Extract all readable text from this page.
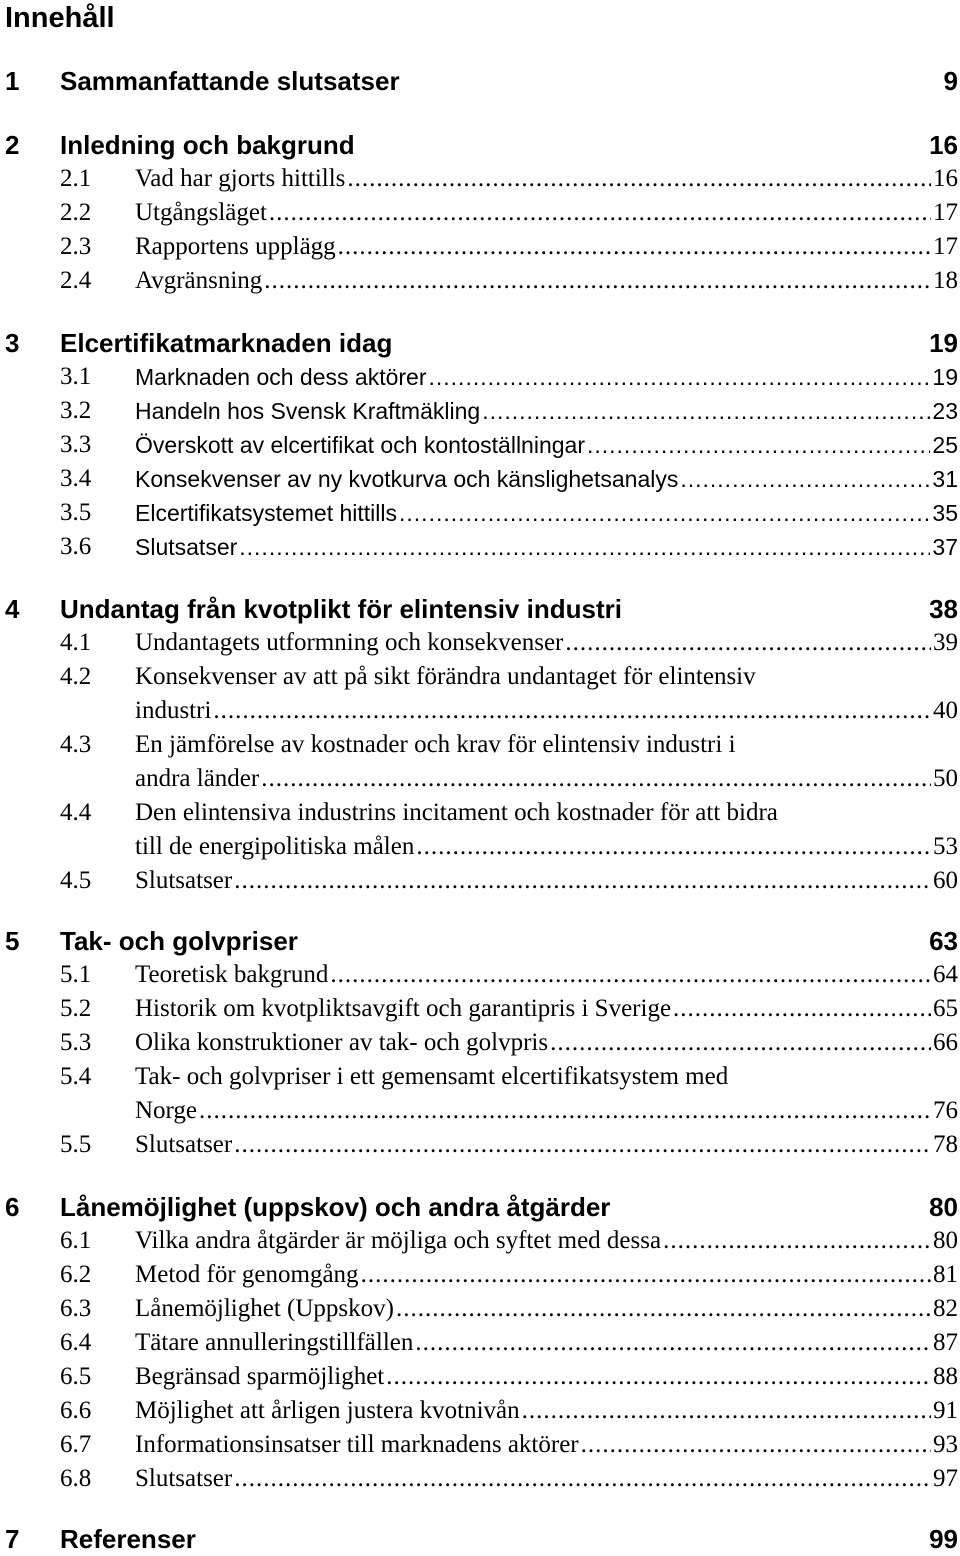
Innehåll
1 Sammanfattande slutsatser	9
2 Inledning och bakgrund	16
2.1 Vad har gjorts hittills .....	16
2.2 Utgångsläget .....	17
2.3 Rapportens upplägg .....	17
2.4 Avgränsning .....	18
3 Elcertifikatmarknaden idag	19
3.1 Marknaden och dess aktörer .....	19
3.2 Handeln hos Svensk Kraftmäkling .....	23
3.3 Överskott av elcertifikat och kontoställningar .....	25
3.4 Konsekvenser av ny kvotkurva och känslighetsanalys .....	31
3.5 Elcertifikatsystemet hittills .....	35
3.6 Slutsatser .....	37
4 Undantag från kvotplikt för elintensiv industri	38
4.1 Undantagets utformning och konsekvenser .....	39
4.2 Konsekvenser av att på sikt förändra undantaget för elintensiv
industri .....	40
4.3 En jämförelse av kostnader och krav för elintensiv industri i
andra länder .....	50
4.4 Den elintensiva industrins incitament och kostnader för att bidra
till de energipolitiska målen .....	53
4.5 Slutsatser .....	60
5 Tak- och golvpriser	63
5.1 Teoretisk bakgrund .....	64
5.2 Historik om kvotpliktsavgift och garantipris i Sverige .....	65
5.3 Olika konstruktioner av tak- och golvpris .....	66
5.4 Tak- och golvpriser i ett gemensamt elcertifikatsystem med
Norge .....	76
5.5 Slutsatser .....	78
6 Lånemöjlighet (uppskov) och andra åtgärder	80
6.1 Vilka andra åtgärder är möjliga och syftet med dessa .....	80
6.2 Metod för genomgång .....	81
6.3 Lånemöjlighet (Uppskov) .....	82
6.4 Tätare annulleringstillfällen .....	87
6.5 Begränsad sparmöjlighet .....	88
6.6 Möjlighet att årligen justera kvotnivån .....	91
6.7 Informationsinsatser till marknadens aktörer .....	93
6.8 Slutsatser .....	97
7 Referenser	99
